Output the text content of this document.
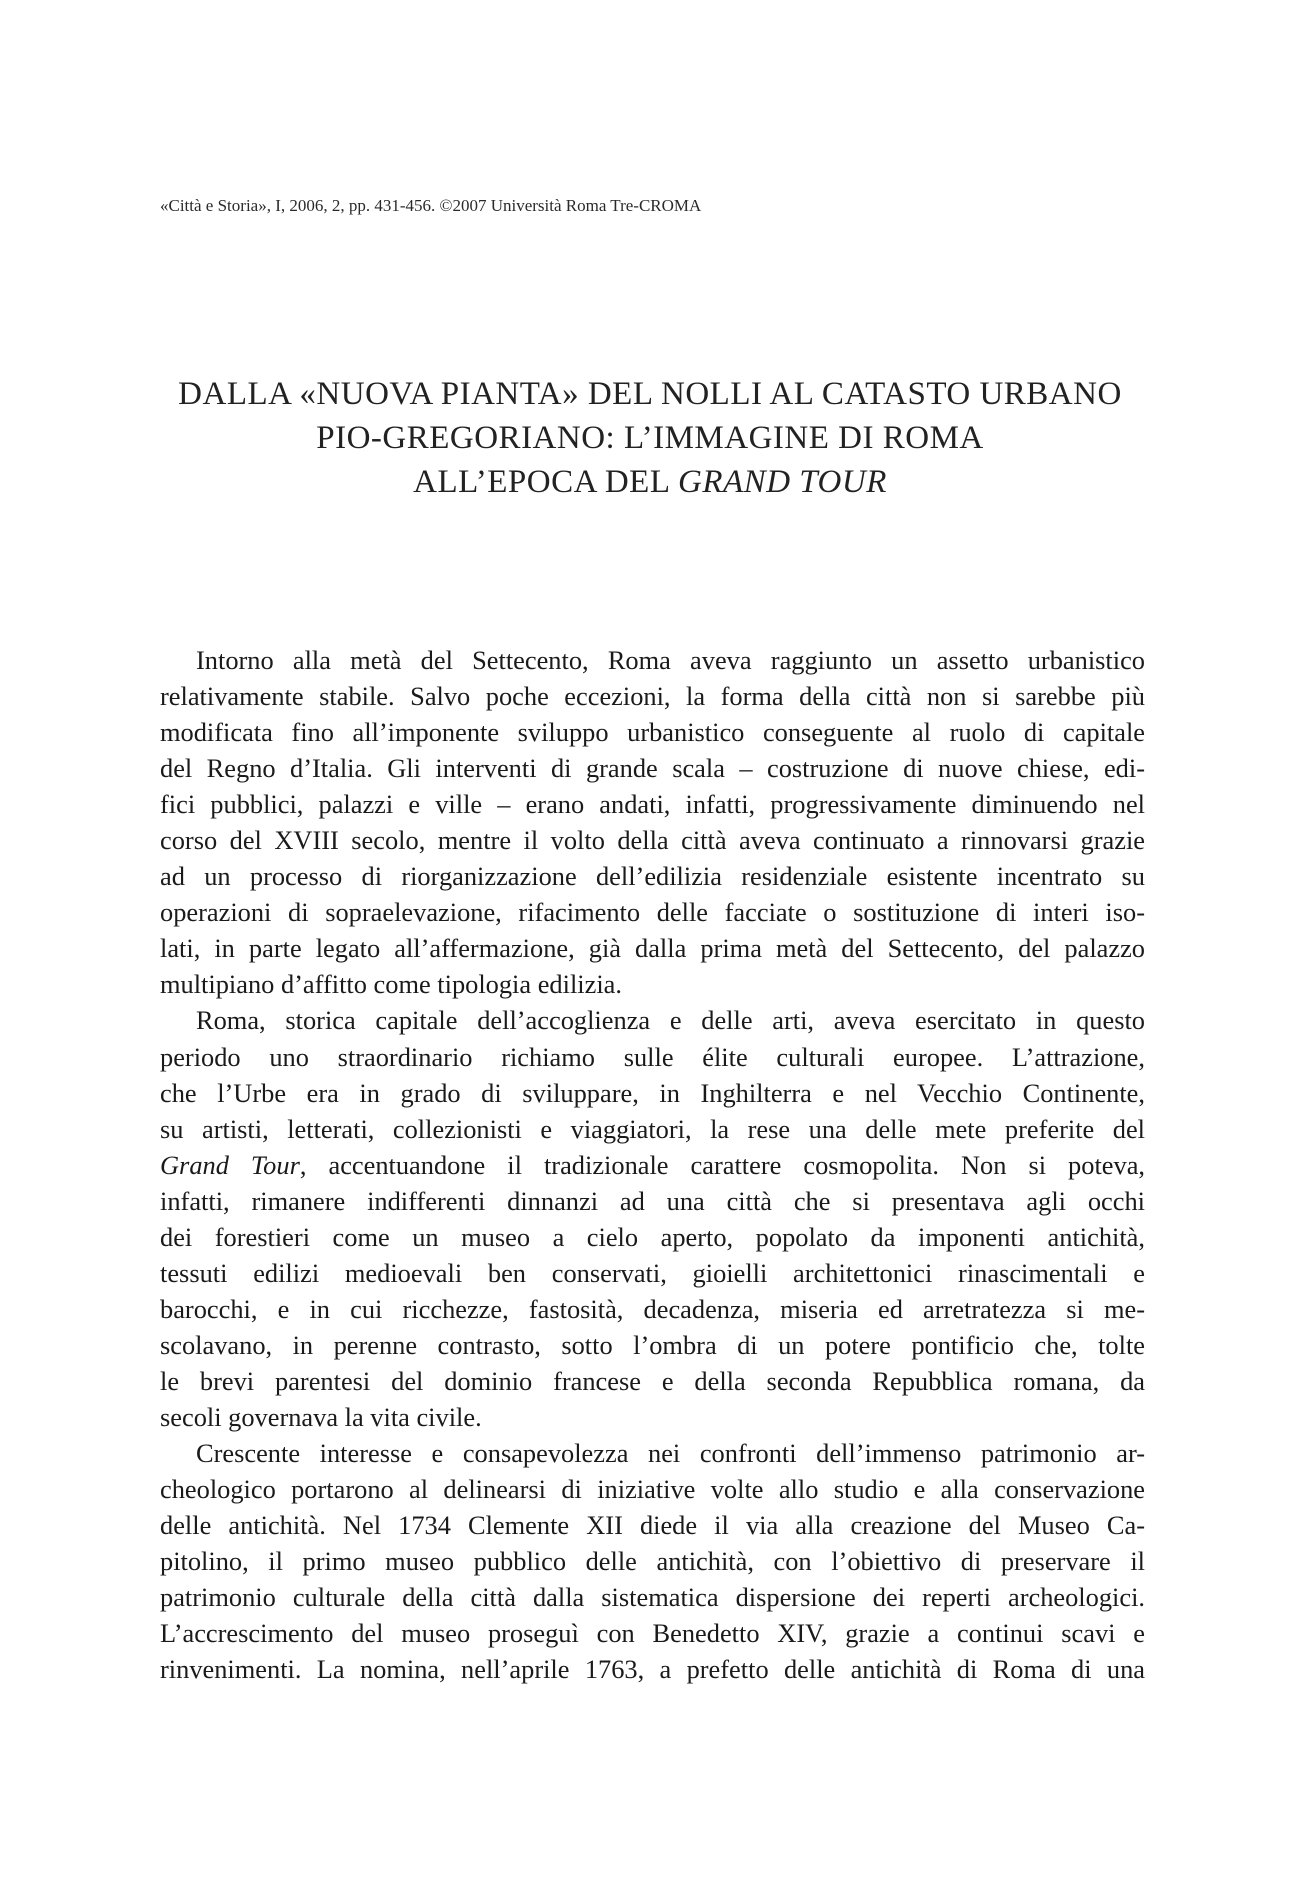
«Città e Storia», I, 2006, 2, pp. 431-456. ©2007 Università Roma Tre-CROMA
DALLA «NUOVA PIANTA» DEL NOLLI AL CATASTO URBANO
PIO-GREGORIANO: L’IMMAGINE DI ROMA
ALL’EPOCA DEL GRAND TOUR
Intorno alla metà del Settecento, Roma aveva raggiunto un assetto urbanistico
relativamente stabile. Salvo poche eccezioni, la forma della città non si sarebbe più
modificata fino all’imponente sviluppo urbanistico conseguente al ruolo di capitale
del Regno d’Italia. Gli interventi di grande scala – costruzione di nuove chiese, edi-
fici pubblici, palazzi e ville – erano andati, infatti, progressivamente diminuendo nel
corso del XVIII secolo, mentre il volto della città aveva continuato a rinnovarsi grazie
ad un processo di riorganizzazione dell’edilizia residenziale esistente incentrato su
operazioni di sopraelevazione, rifacimento delle facciate o sostituzione di interi iso-
lati, in parte legato all’affermazione, già dalla prima metà del Settecento, del palazzo
multipiano d’affitto come tipologia edilizia.
Roma, storica capitale dell’accoglienza e delle arti, aveva esercitato in questo
periodo uno straordinario richiamo sulle élite culturali europee. L’attrazione,
che l’Urbe era in grado di sviluppare, in Inghilterra e nel Vecchio Continente,
su artisti, letterati, collezionisti e viaggiatori, la rese una delle mete preferite del
Grand Tour, accentuandone il tradizionale carattere cosmopolita. Non si poteva,
infatti, rimanere indifferenti dinnanzi ad una città che si presentava agli occhi
dei forestieri come un museo a cielo aperto, popolato da imponenti antichità,
tessuti edilizi medioevali ben conservati, gioielli architettonici rinascimentali e
barocchi, e in cui ricchezze, fastosità, decadenza, miseria ed arretratezza si me-
scolavano, in perenne contrasto, sotto l’ombra di un potere pontificio che, tolte
le brevi parentesi del dominio francese e della seconda Repubblica romana, da
secoli governava la vita civile.
Crescente interesse e consapevolezza nei confronti dell’immenso patrimonio ar-
cheologico portarono al delinearsi di iniziative volte allo studio e alla conservazione
delle antichità. Nel 1734 Clemente XII diede il via alla creazione del Museo Ca-
pitolino, il primo museo pubblico delle antichità, con l’obiettivo di preservare il
patrimonio culturale della città dalla sistematica dispersione dei reperti archeologici.
L’accrescimento del museo proseguì con Benedetto XIV, grazie a continui scavi e
rinvenimenti. La nomina, nell’aprile 1763, a prefetto delle antichità di Roma di una
